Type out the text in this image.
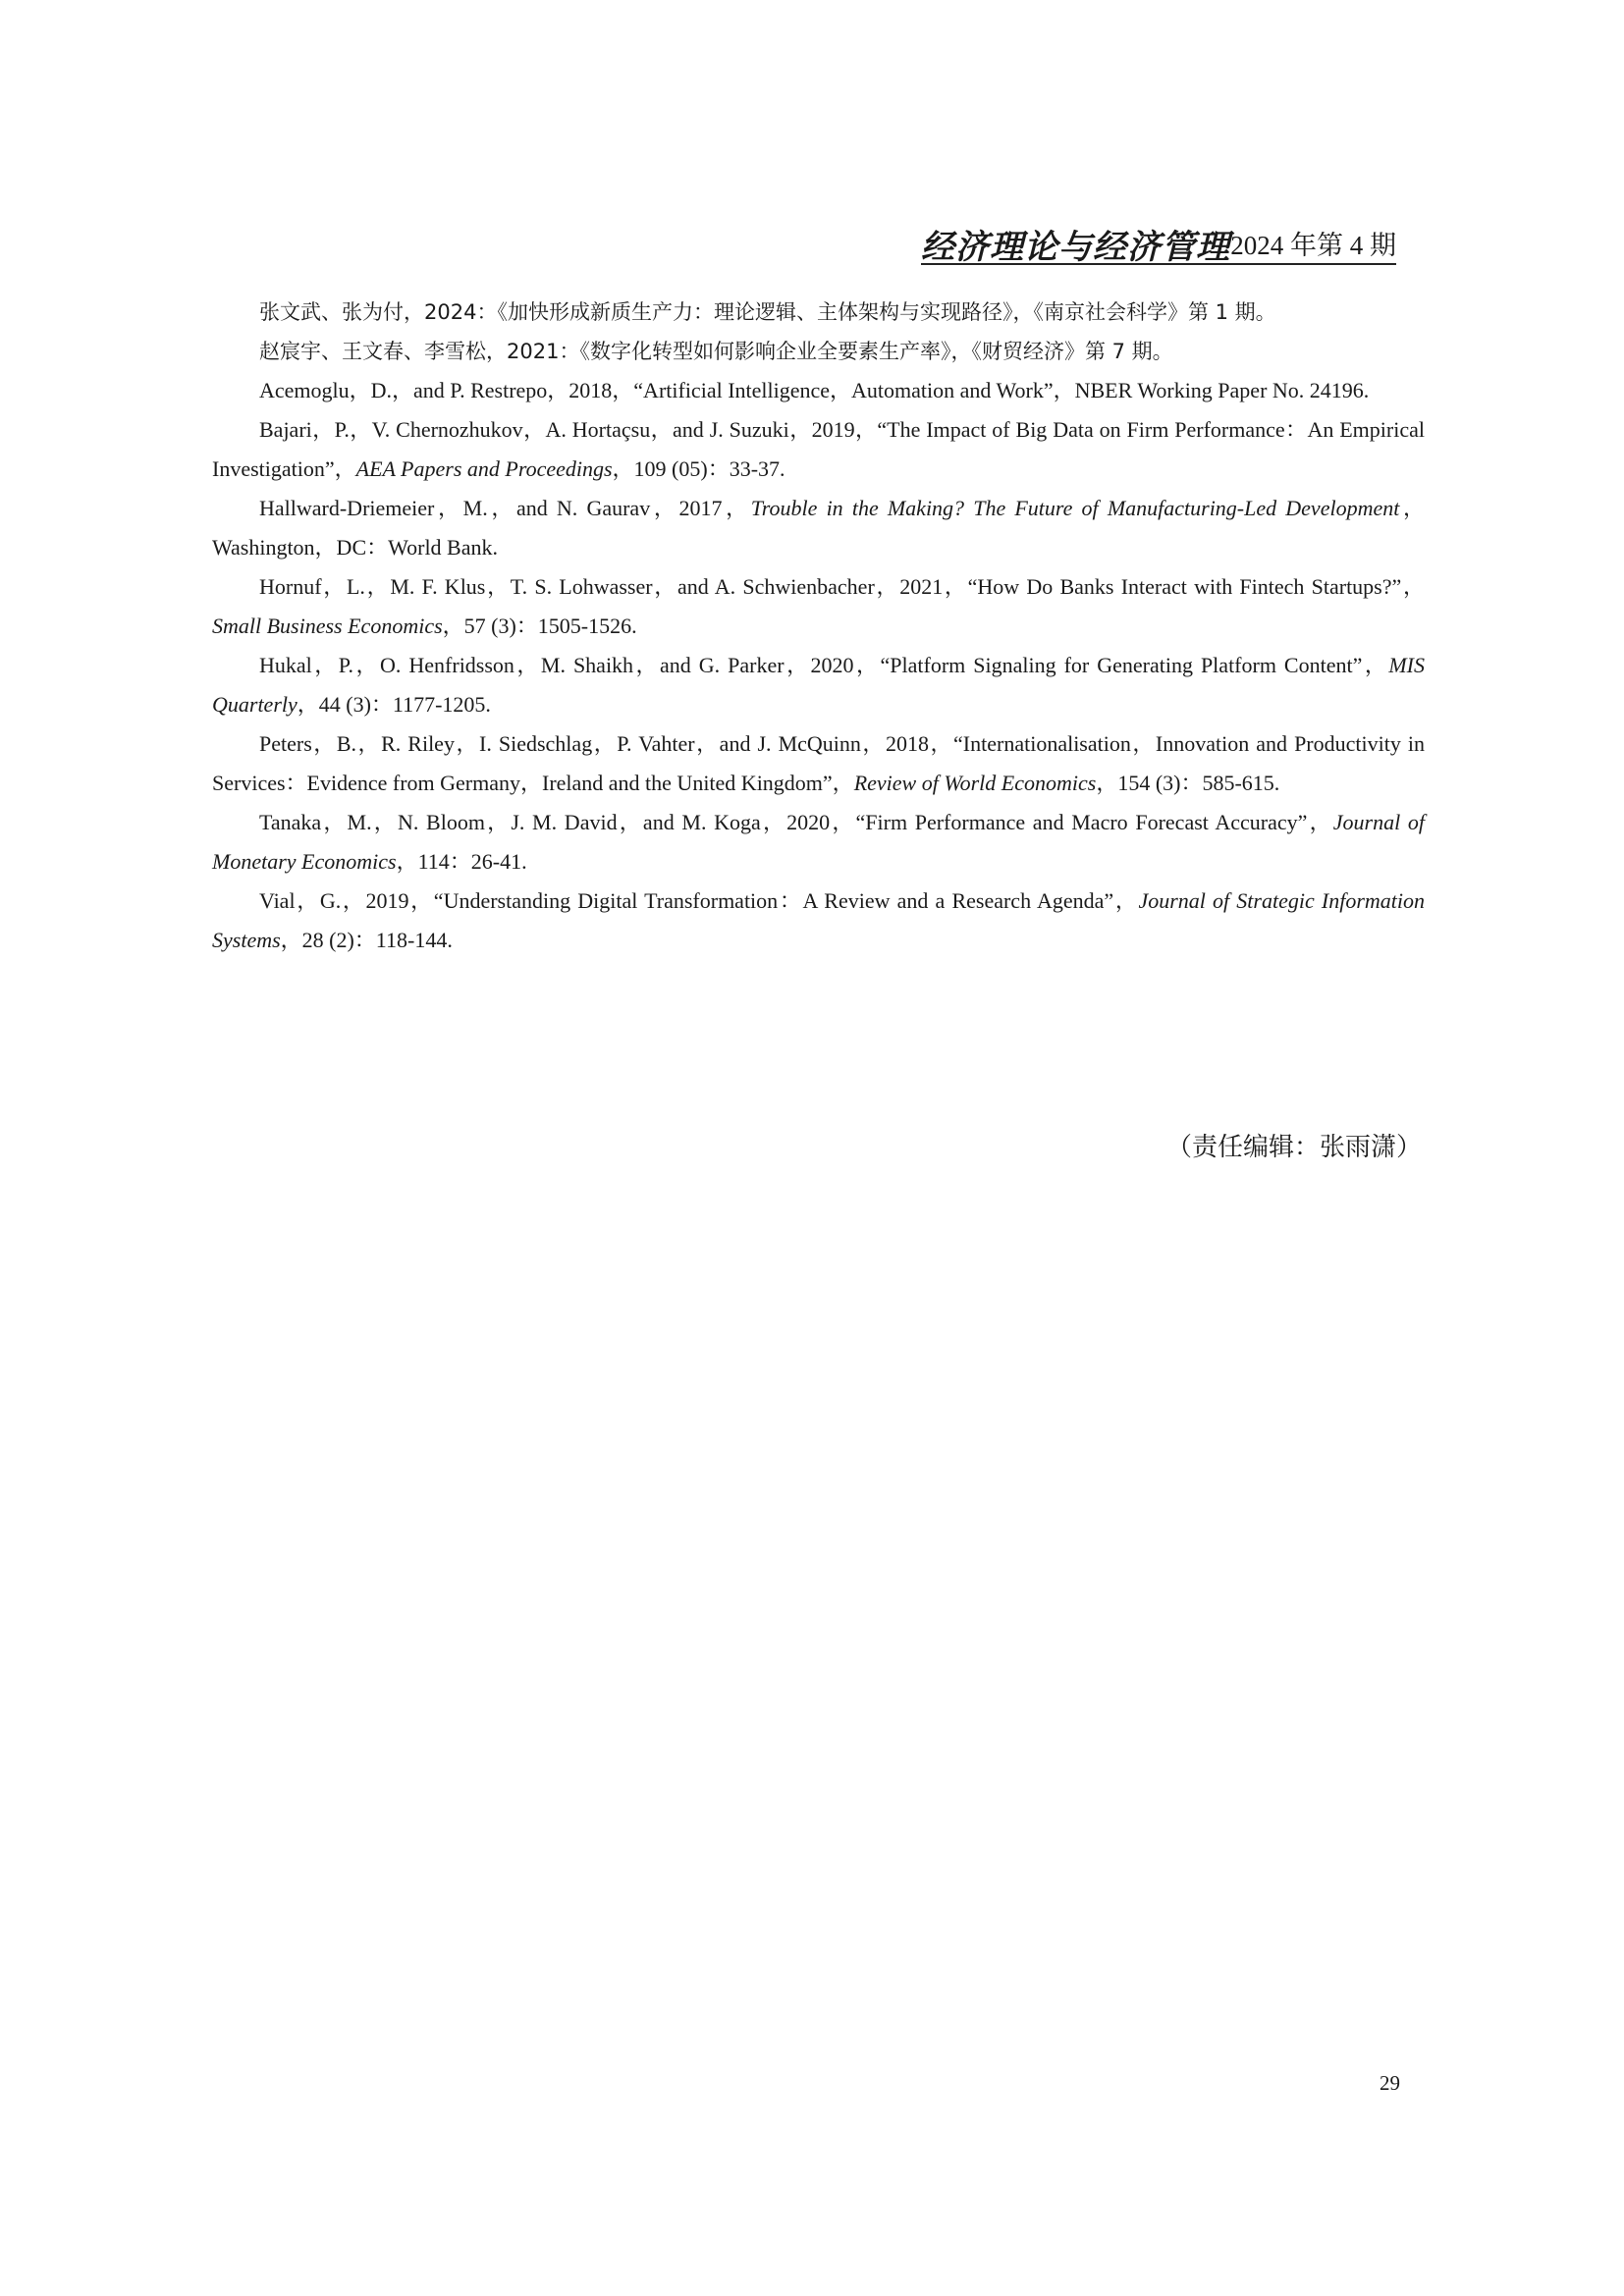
经济理论与经济管理 2024 年第 4 期

张文武、张为付，2024：《加快形成新质生产力：理论逻辑、主体架构与实现路径》，《南京社会科学》第 1 期。

赵宸宇、王文春、李雪松，2021：《数字化转型如何影响企业全要素生产率》，《财贸经济》第 7 期。

Acemoglu，D.，and P. Restrepo，2018，“Artificial Intelligence，Automation and Work”，NBER Working Paper No. 24196.

Bajari，P.，V. Chernozhukov，A. Hortaçsu，and J. Suzuki，2019，“The Impact of Big Data on Firm Performance：An Empirical Investigation”，AEA Papers and Proceedings，109 (05)：33-37.

Hallward-Driemeier，M.，and N. Gaurav，2017，Trouble in the Making? The Future of Manufacturing-Led Development，Washington，DC：World Bank.

Hornuf，L.，M. F. Klus，T. S. Lohwasser，and A. Schwienbacher，2021，“How Do Banks Interact with Fintech Startups?”，Small Business Economics，57 (3)：1505-1526.

Hukal，P.，O. Henfridsson，M. Shaikh，and G. Parker，2020，“Platform Signaling for Generating Platform Content”，MIS Quarterly，44 (3)：1177-1205.

Peters，B.，R. Riley，I. Siedschlag，P. Vahter，and J. McQuinn，2018，“Internationalisation，Innovation and Productivity in Services：Evidence from Germany，Ireland and the United Kingdom”，Review of World Economics，154 (3)：585-615.

Tanaka，M.，N. Bloom，J. M. David，and M. Koga，2020，“Firm Performance and Macro Forecast Accuracy”，Journal of Monetary Economics，114：26-41.

Vial，G.，2019，“Understanding Digital Transformation：A Review and a Research Agenda”，Journal of Strategic Information Systems，28 (2)：118-144.

（责任编辑：张雨潇）
29
